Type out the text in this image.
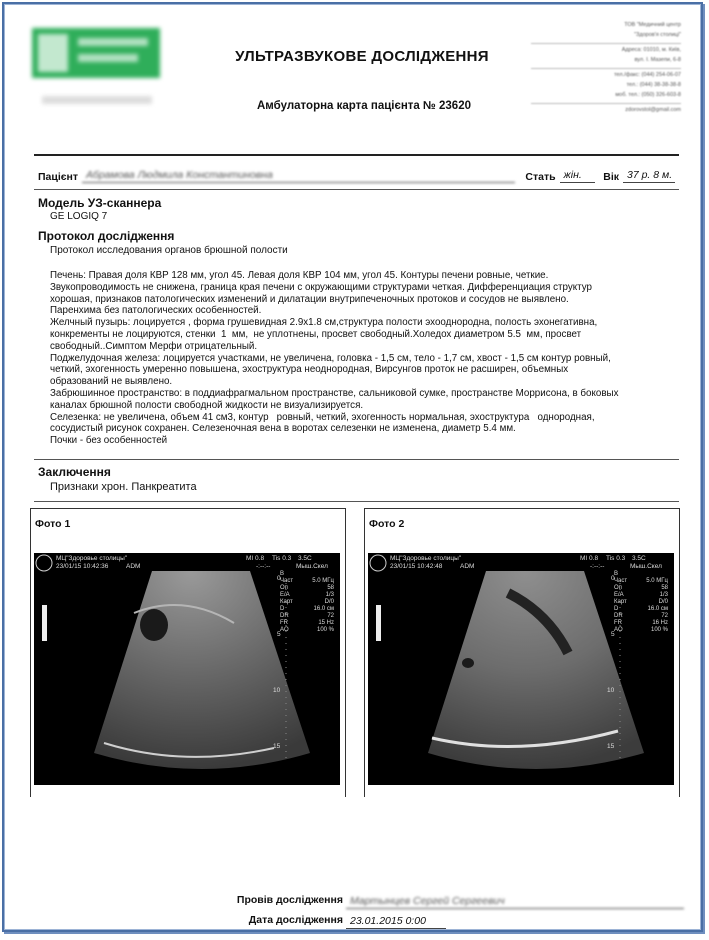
УЛЬТРАЗВУКОВЕ ДОСЛІДЖЕННЯ
Амбулаторна карта пацієнта № 23620
ТОВ "Медичний центр
"Здоров'я столиці"
Адреса: 01010, м. Київ,
вул. І. Мазепи, 6-8
тел./факс: (044) 254-06-07
тел.: (044) 38-38-38-8
моб. тел.: (050) 326-603-8
zdorovstol@gmail.com
Пацієнт Абрамова Людмила Константиновна	Стать жін.	Вік 37 р. 8 м.
Модель УЗ-сканнера
GE LOGIQ 7
Протокол дослідження
Протокол исследования органов брюшной полости

Печень: Правая доля КВР 128 мм, угол 45. Левая доля КВР 104 мм, угол 45. Контуры печени ровные, четкие.

Звукопроводимость не снижена, граница края печени с окружающими структурами четкая. Дифференциация структур

хорошая, признаков патологических изменений и дилатации внутрипеченочных протоков и сосудов не выявлено.

Паренхима без патологических особенностей.

Желчный пузырь: лоцируется , форма грушевидная 2.9х1.8 см,структура полости эхооднородна, полость эхонегативна,

конкременты не лоцируются, стенки  1  мм,  не уплотнены, просвет свободный.Холедох диаметром 5.5  мм, просвет

свободный..Симптом Мерфи отрицательный.

Поджелудочная железа: лоцируется участками, не увеличена, головка - 1,5 см, тело - 1,7 см, хвост - 1,5 см контур ровный,

четкий, эхогенность умеренно повышена, эхоструктура неоднородная, Вирсунгов проток не расширен, объемных

образований не выявлено.

Забрюшинное пространство: в поддиафрагмальном пространстве, сальниковой сумке, пространстве Моррисона, в боковых

каналах брюшной полости свободной жидкости не визуализируется.

Селезенка: не увеличена, объем 41 см3, контур   ровный, четкий, эхогенность нормальная, эхоструктура   однородная,

сосудистый рисунок сохранен. Селезеночная вена в воротах селезенки не изменена, диаметр 5.4 мм.

Почки - без особенностей

Заключення
Признаки хрон. Панкреатита
Фото 1
МЦ"Здоровье столицы"
23/01/15 10:42:36	ADM
MI 0.8 Tis 0.3 3.5C
-:--:--	Мыш.Скел
0
5
10
15
B
Част	5.0 МГц
Оп	58
Е/А	1/3
Карт	D/0
D	16.0 см
DR	72
FR	15 Hz
AO	100 %
Фото 2
МЦ"Здоровье столицы"
23/01/15 10:42:48	ADM
MI 0.8 Tis 0.3 3.5C
-:--:--	Мыш.Скел
0
5
10
15
B
Част	5.0 МГц
Оп	58
Е/А	1/3
Карт	D/0
D	16.0 см
DR	72
FR	16 Hz
AO	100 %
Провів дослідження Мартынцев Сергей Сергеевич
Дата дослідження 23.01.2015 0:00
